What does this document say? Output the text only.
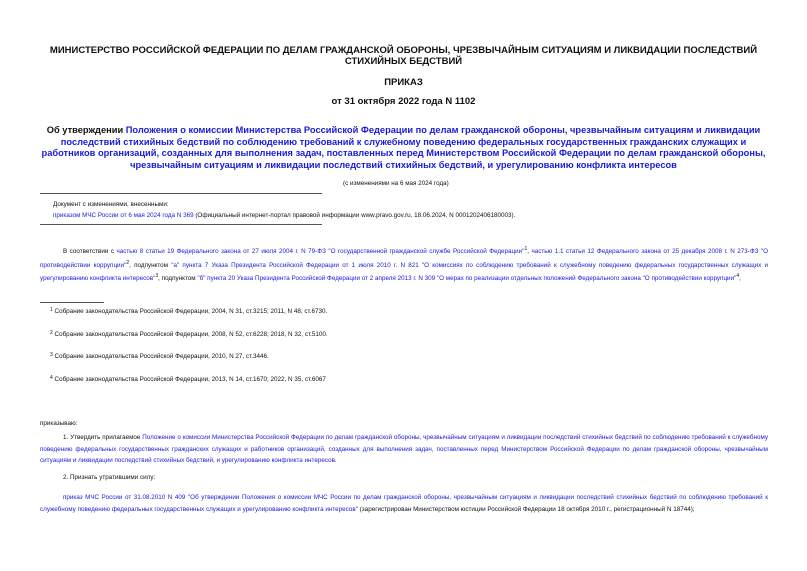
МИНИСТЕРСТВО РОССИЙСКОЙ ФЕДЕРАЦИИ ПО ДЕЛАМ ГРАЖДАНСКОЙ ОБОРОНЫ, ЧРЕЗВЫЧАЙНЫМ СИТУАЦИЯМ И ЛИКВИДАЦИИ ПОСЛЕДСТВИЙ СТИХИЙНЫХ БЕДСТВИЙ
ПРИКАЗ
от 31 октября 2022 года N 1102
Об утверждении Положения о комиссии Министерства Российской Федерации по делам гражданской обороны, чрезвычайным ситуациям и ликвидации последствий стихийных бедствий по соблюдению требований к служебному поведению федеральных государственных гражданских служащих и работников организаций, созданных для выполнения задач, поставленных перед Министерством Российской Федерации по делам гражданской обороны, чрезвычайным ситуациям и ликвидации последствий стихийных бедствий, и урегулированию конфликта интересов
(с изменениями на 6 мая 2024 года)
Документ с изменениями, внесенными:
приказом МЧС России от 6 мая 2024 года N 369 (Официальный интернет-портал правовой информации www.pravo.gov.ru, 18.06.2024, N 0001202406180003).
В соответствии с частью 8 статьи 19 Федерального закона от 27 июля 2004 г. N 79-ФЗ "О государственной гражданской службе Российской Федерации"$^1$, частью 1.1 статьи 12 Федерального закона от 25 декабря 2008 г. N 273-ФЗ "О противодействии коррупции"$^2$, подпунктом "а" пункта 7 Указа Президента Российской Федерации от 1 июля 2010 г. N 821 "О комиссиях по соблюдению требований к служебному поведению федеральных государственных служащих и урегулированию конфликта интересов"$^3$, подпунктом "б" пункта 20 Указа Президента Российской Федерации от 2 апреля 2013 г. N 309 "О мерах по реализации отдельных положений Федерального закона "О противодействии коррупции"$^4$,
$^1$ Собрание законодательства Российской Федерации, 2004, N 31, ст.3215; 2011, N 48, ст.6730.
$^2$ Собрание законодательства Российской Федерации, 2008, N 52, ст.6228; 2018, N 32, ст.5100.
$^3$ Собрание законодательства Российской Федерации, 2010, N 27, ст.3446.
$^4$ Собрание законодательства Российской Федерации, 2013, N 14, ст.1670; 2022, N 35, ст.6067
приказываю:
1. Утвердить прилагаемое Положение о комиссии Министерства Российской Федерации по делам гражданской обороны, чрезвычайным ситуациям и ликвидации последствий стихийных бедствий по соблюдению требований к служебному поведению федеральных государственных гражданских служащих и работников организаций, созданных для выполнения задач, поставленных перед Министерством Российской Федерации по делам гражданской обороны, чрезвычайным ситуациям и ликвидации последствий стихийных бедствий, и урегулированию конфликта интересов.
2. Признать утратившими силу:
приказ МЧС России от 31.08.2010 N 409 "Об утверждении Положения о комиссии МЧС России по делам гражданской обороны, чрезвычайным ситуациям и ликвидации последствий стихийных бедствий по соблюдению требований к служебному поведению федеральных государственных служащих и урегулированию конфликта интересов" (зарегистрирован Министерством юстиции Российской Федерации 18 октября 2010 г., регистрационный N 18744);
